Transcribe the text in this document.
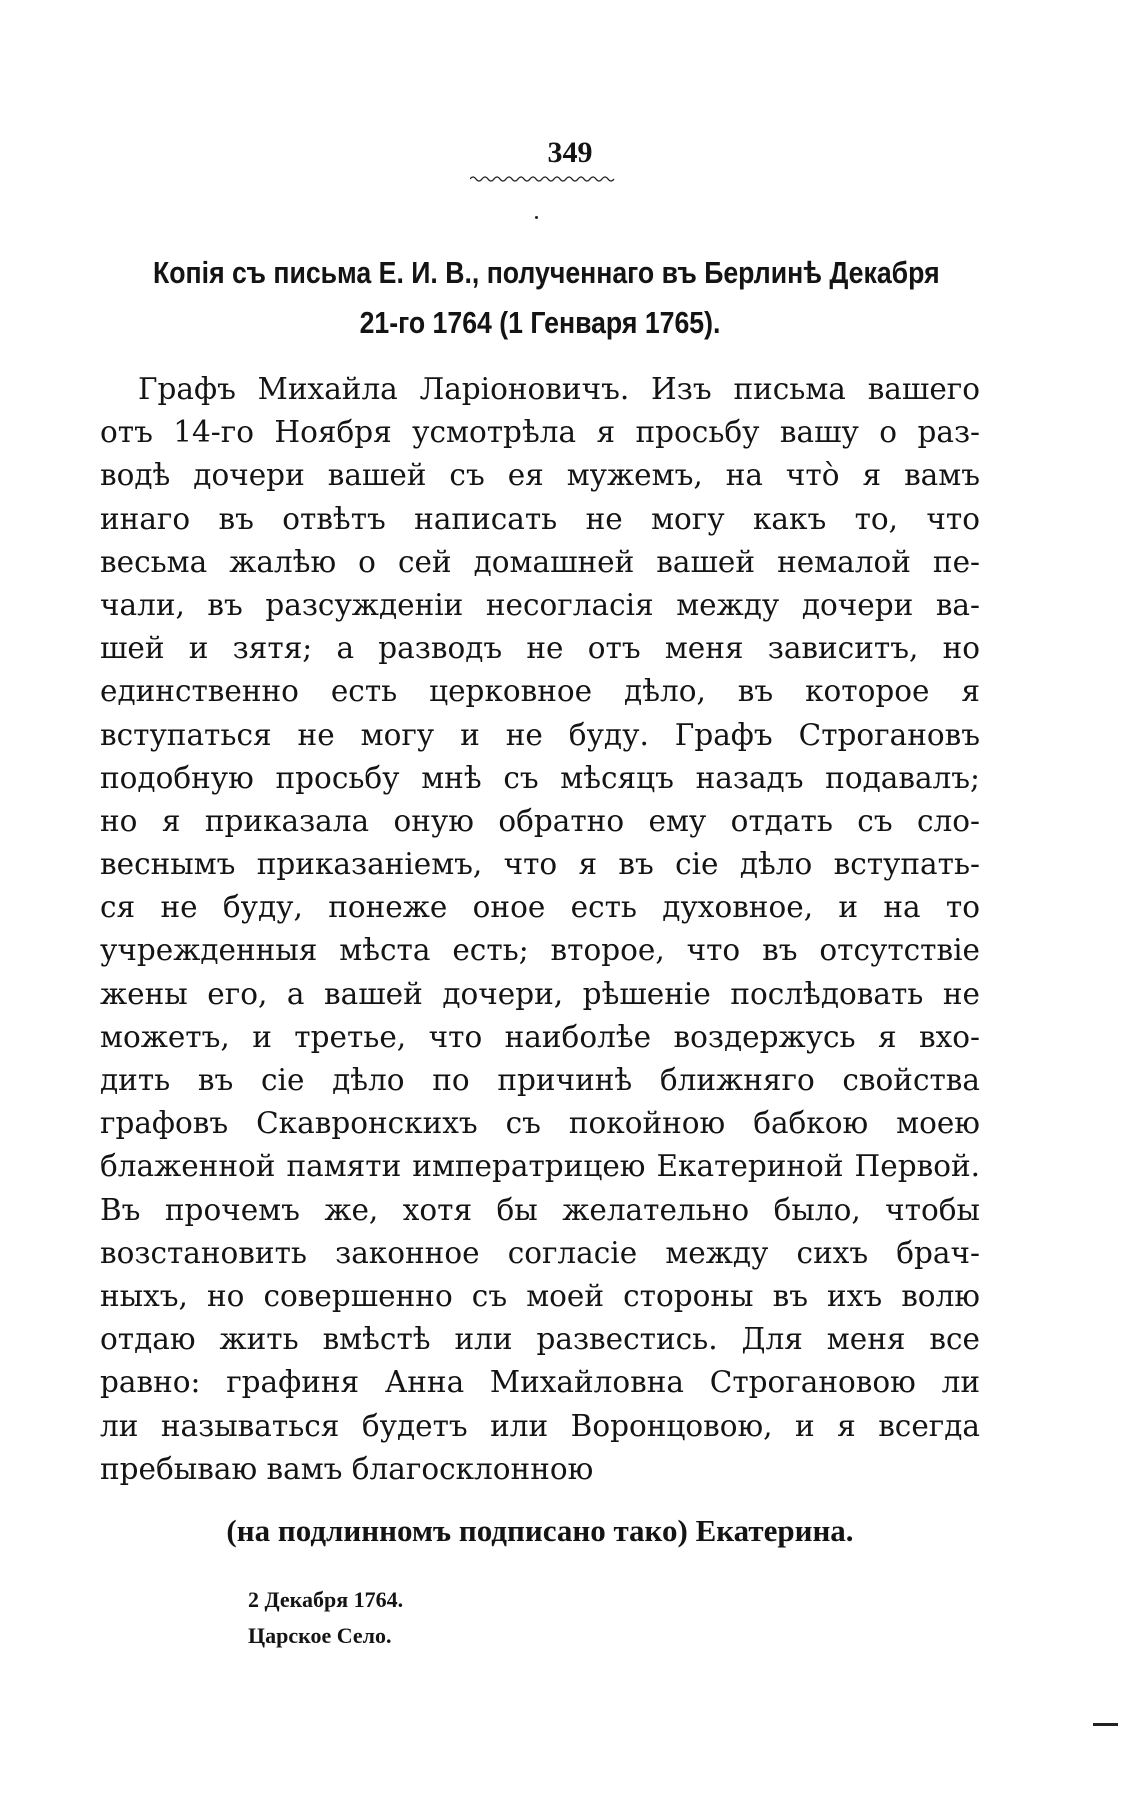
349
Копія съ письма Е. И. В., полученнаго въ Берлинѣ Декабря
21-го 1764 (1 Генваря 1765).
Графъ Михайла Ларіоновичъ. Изъ письма вашего
отъ 14-го Ноября усмотрѣла я просьбу вашу о раз-
водѣ дочери вашей съ ея мужемъ, на чтò я вамъ
инаго въ отвѣтъ написать не могу какъ то, что
весьма жалѣю о сей домашней вашей немалой пе-
чали, въ разсужденіи несогласія между дочери ва-
шей и зятя; а разводъ не отъ меня зависитъ, но
единственно есть церковное дѣло, въ которое я
вступаться не могу и не буду. Графъ Строгановъ
подобную просьбу мнѣ съ мѣсяцъ назадъ подавалъ;
но я приказала оную обратно ему отдать съ сло-
веснымъ приказаніемъ, что я въ сіе дѣло вступать-
ся не буду, понеже оное есть духовное, и на то
учрежденныя мѣста есть; второе, что въ отсутствіе
жены его, а вашей дочери, рѣшеніе послѣдовать не
можетъ, и третье, что наиболѣе воздержусь я вхо-
дить въ сіе дѣло по причинѣ ближняго свойства
графовъ Скавронскихъ съ покойною бабкою моею
блаженной памяти императрицею Екатериной Первой.
Въ прочемъ же, хотя бы желательно было, чтобы
возстановить законное согласіе между сихъ брач-
ныхъ, но совершенно съ моей стороны въ ихъ волю
отдаю жить вмѣстѣ или развестись. Для меня все
равно: графиня Анна Михайловна Строгановою ли
ли называться будетъ или Воронцовою, и я всегда
пребываю вамъ благосклонною
(на подлинномъ подписано тако) Екатерина.
2 Декабря 1764.
Царское Село.
